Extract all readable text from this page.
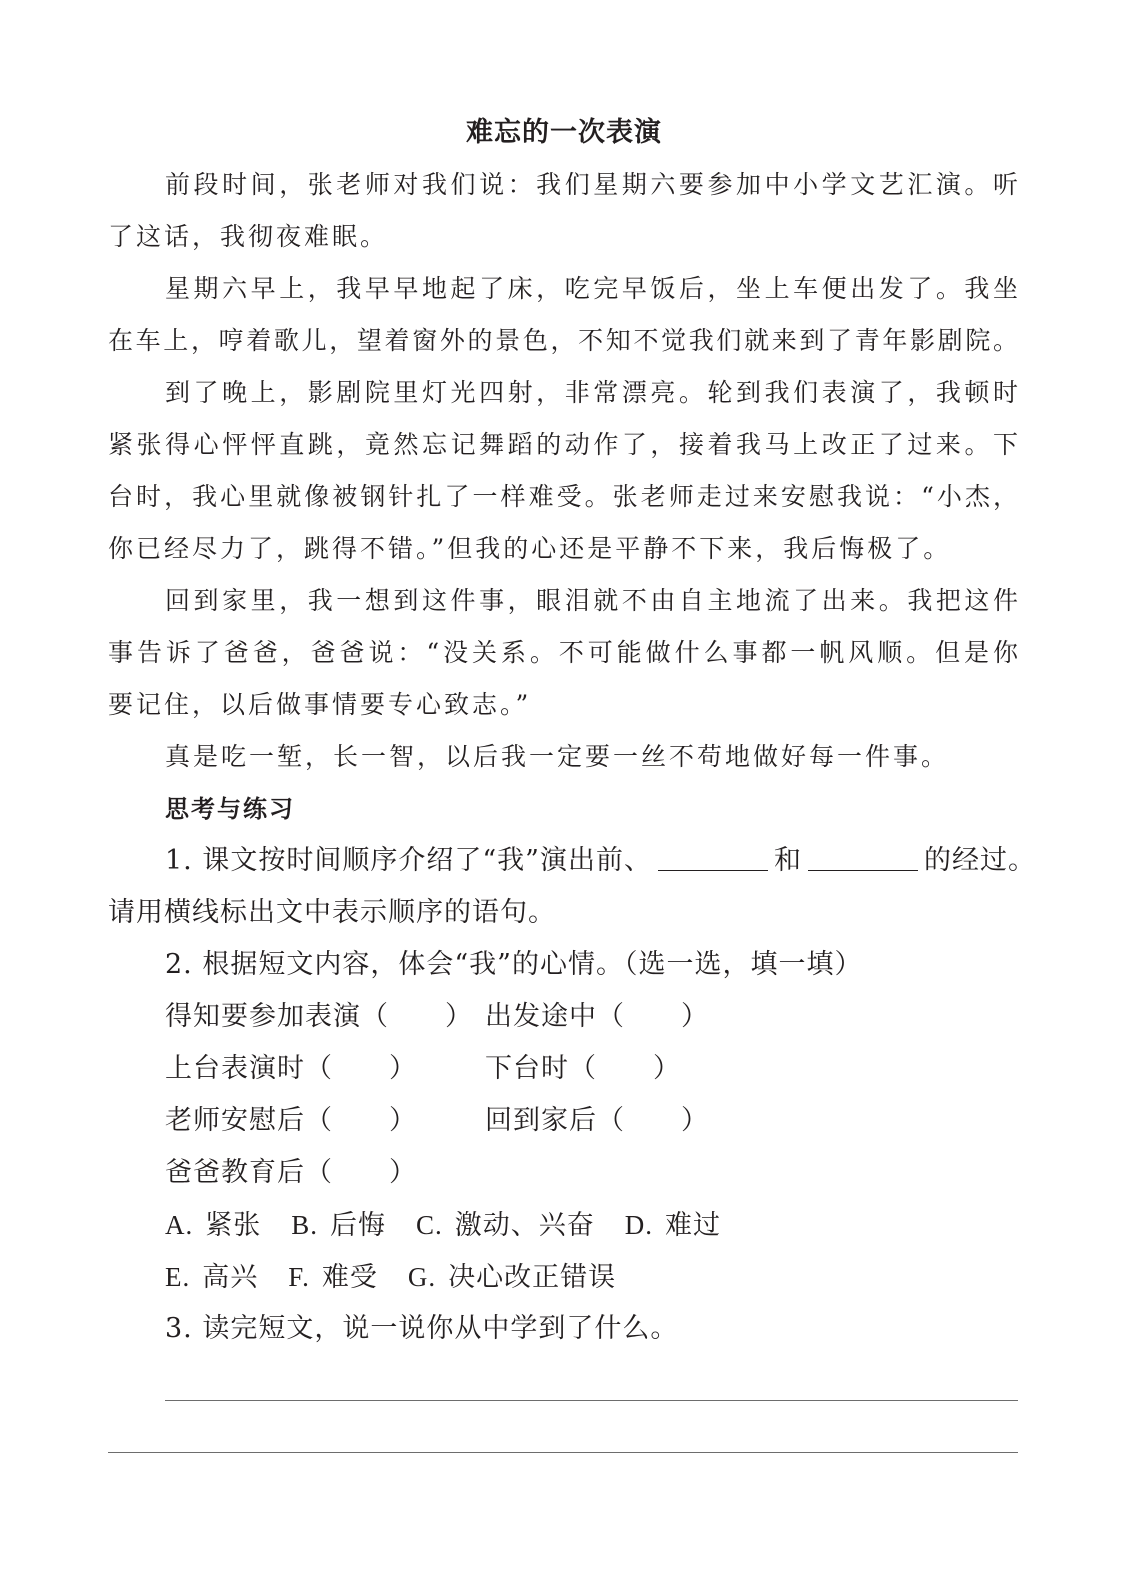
难忘的一次表演
前段时间，张老师对我们说：我们星期六要参加中小学文艺汇演。听
了这话，我彻夜难眠。
星期六早上，我早早地起了床，吃完早饭后，坐上车便出发了。我坐
在车上，哼着歌儿，望着窗外的景色，不知不觉我们就来到了青年影剧院。
到了晚上，影剧院里灯光四射，非常漂亮。轮到我们表演了，我顿时
紧张得心怦怦直跳，竟然忘记舞蹈的动作了，接着我马上改正了过来。下
台时，我心里就像被钢针扎了一样难受。张老师走过来安慰我说：“小杰，
你已经尽力了，跳得不错。”但我的心还是平静不下来，我后悔极了。
回到家里，我一想到这件事，眼泪就不由自主地流了出来。我把这件
事告诉了爸爸，爸爸说：“没关系。不可能做什么事都一帆风顺。但是你
要记住，以后做事情要专心致志。”
真是吃一堑，长一智，以后我一定要一丝不苟地做好每一件事。
思考与练习
1. 课文按时间顺序介绍了“我”演出前、	和	的经过。
请用横线标出文中表示顺序的语句。
2. 根据短文内容，体会“我”的心情。（选一选，填一填）
得知要参加表演（　　） 出发途中（　　）
上台表演时（　　）	下台时（　　）
老师安慰后（　　）	回到家后（　　）
爸爸教育后（　　）
A. 紧张 B. 后悔 C. 激动、兴奋 D. 难过
E. 高兴 F. 难受 G. 决心改正错误
3. 读完短文，说一说你从中学到了什么。
